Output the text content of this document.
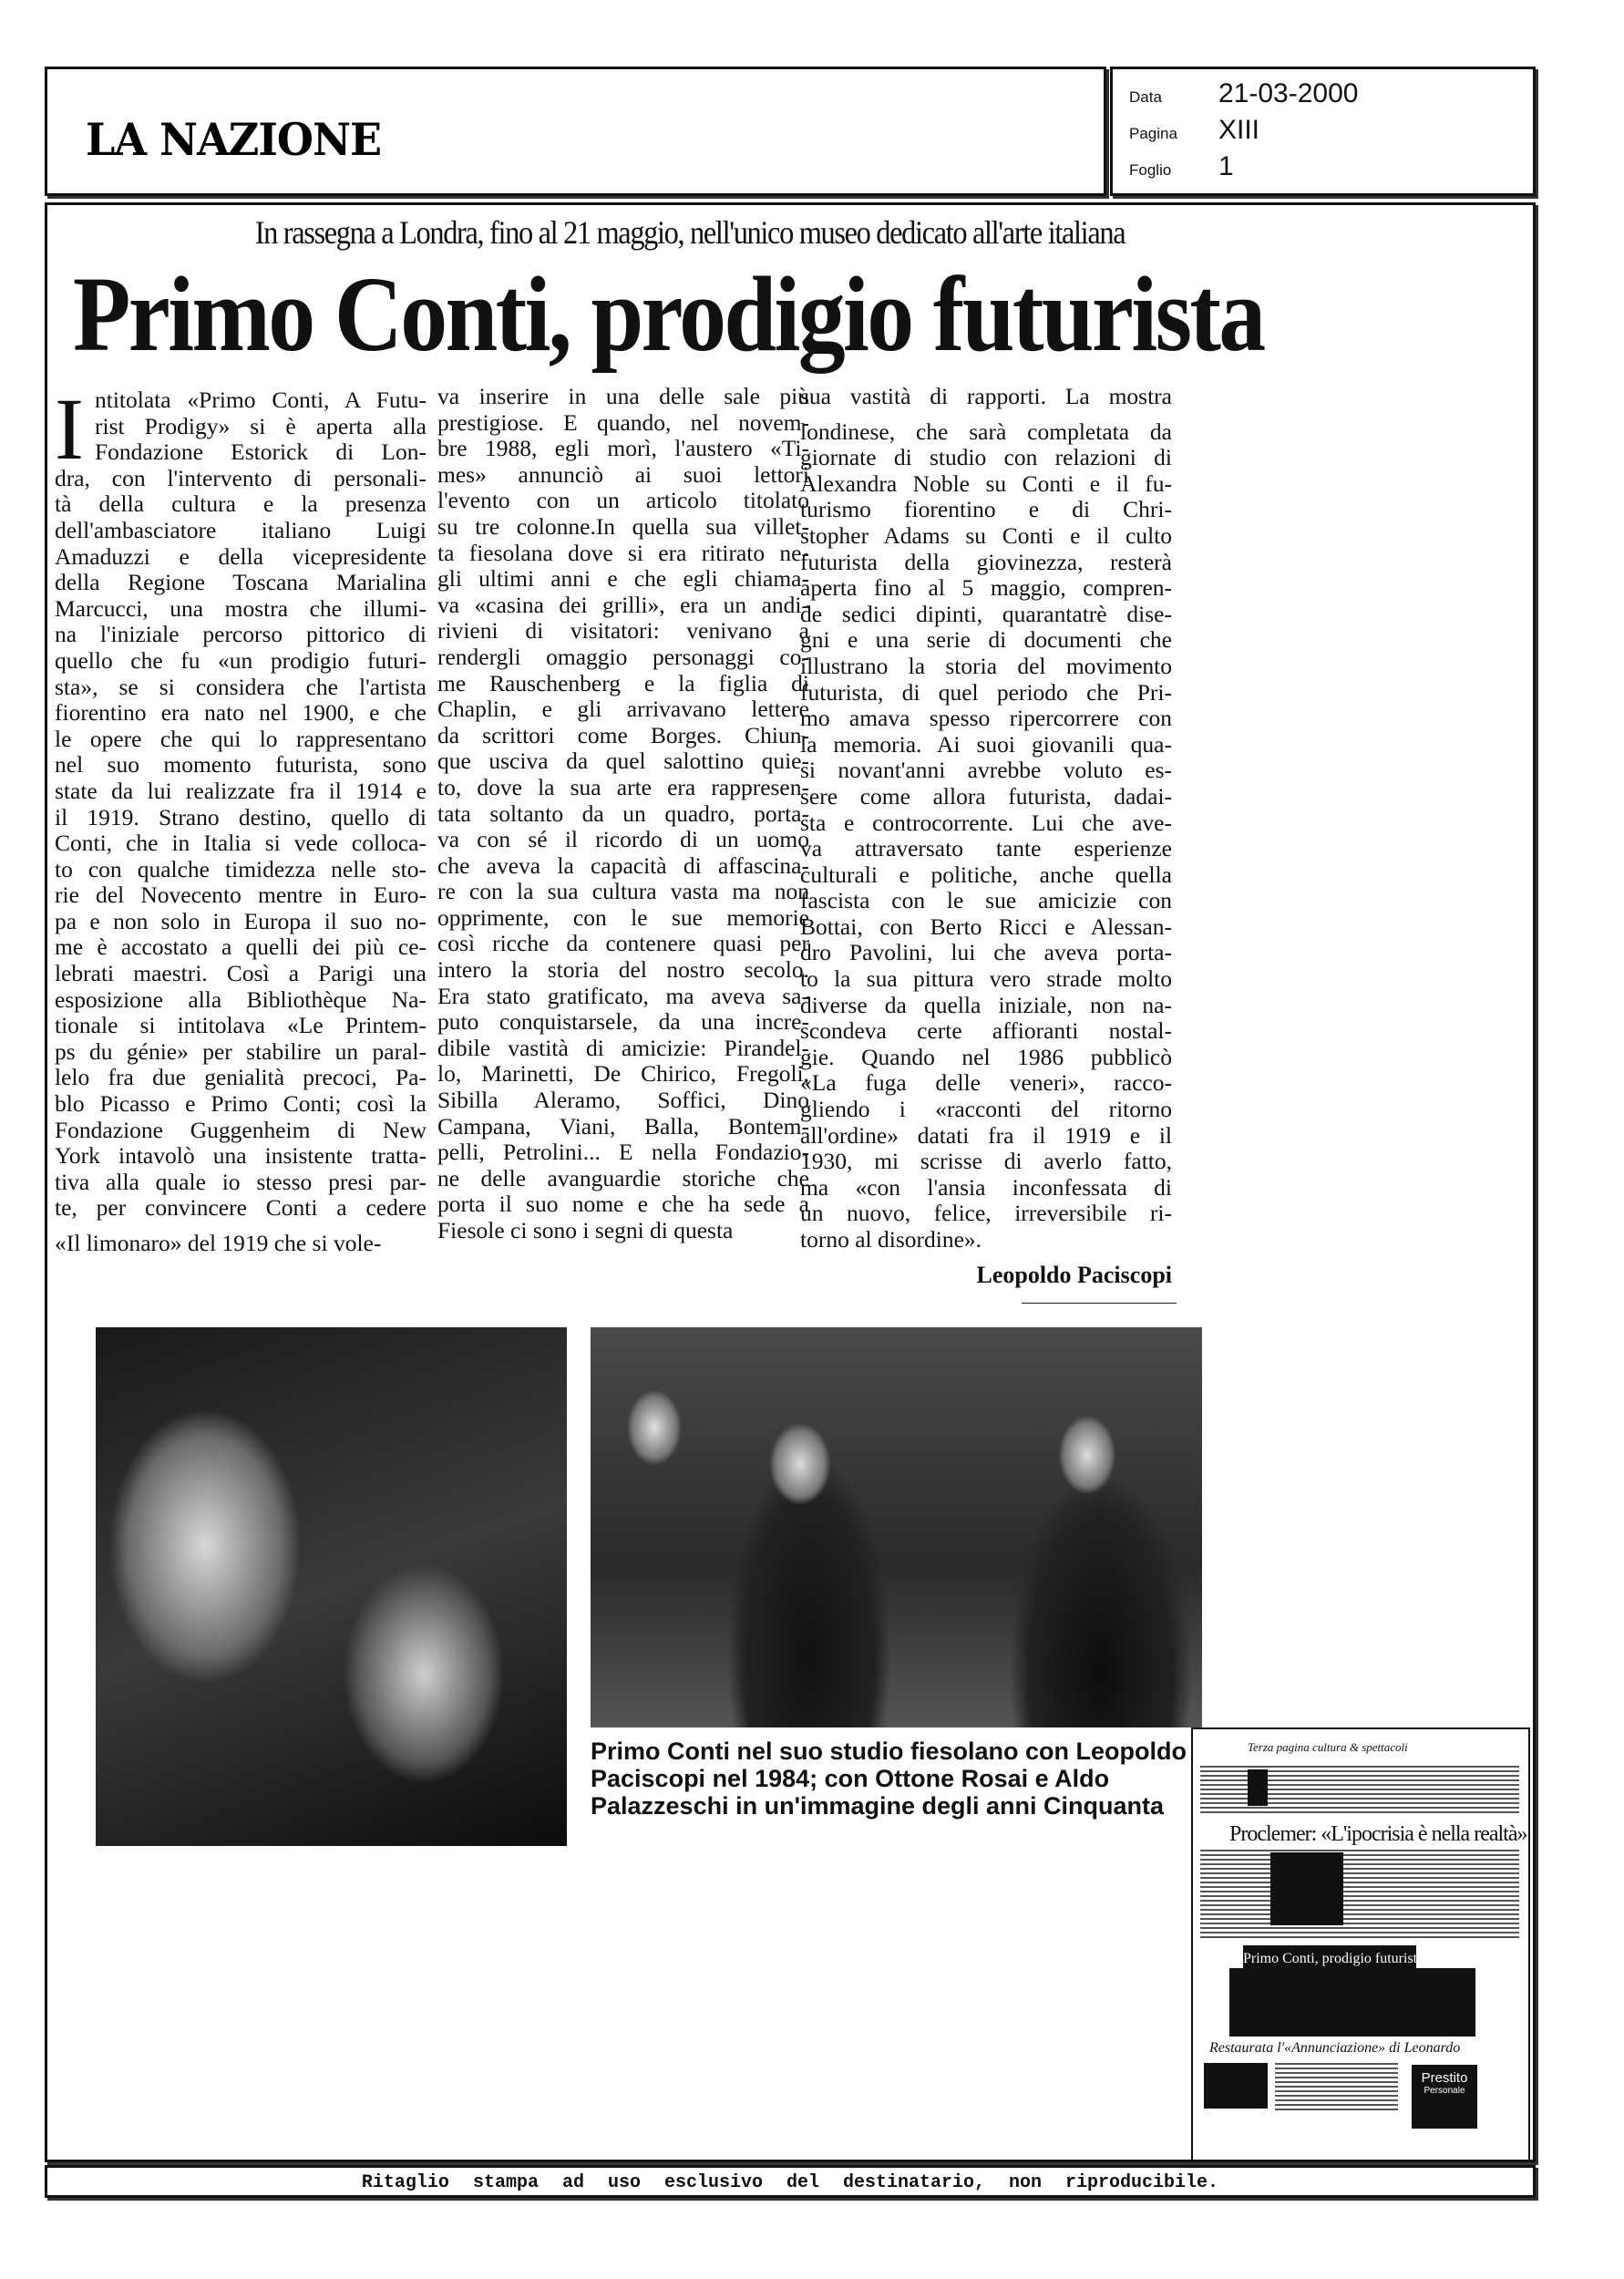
LA NAZIONE
Data	21-03-2000
Pagina	XIII
Foglio	1
In rassegna a Londra, fino al 21 maggio, nell'unico museo dedicato all'arte italiana
Primo Conti, prodigio futurista
I ntitolata «Primo Conti, A Futu-
rist Prodigy» si è aperta alla
Fondazione Estorick di Lon-
dra, con l'intervento di personali-
tà della cultura e la presenza
dell'ambasciatore italiano Luigi
Amaduzzi e della vicepresidente
della Regione Toscana Marialina
Marcucci, una mostra che illumi-
na l'iniziale percorso pittorico di
quello che fu «un prodigio futuri-
sta», se si considera che l'artista
fiorentino era nato nel 1900, e che
le opere che qui lo rappresentano
nel suo momento futurista, sono
state da lui realizzate fra il 1914 e
il 1919. Strano destino, quello di
Conti, che in Italia si vede colloca-
to con qualche timidezza nelle sto-
rie del Novecento mentre in Euro-
pa e non solo in Europa il suo no-
me è accostato a quelli dei più ce-
lebrati maestri. Così a Parigi una
esposizione alla Bibliothèque Na-
tionale si intitolava «Le Printem-
ps du génie» per stabilire un paral-
lelo fra due genialità precoci, Pa-
blo Picasso e Primo Conti; così la
Fondazione Guggenheim di New
York intavolò una insistente tratta-
tiva alla quale io stesso presi par-
te, per convincere Conti a cedere
«Il limonaro» del 1919 che si vole-
va inserire in una delle sale più
prestigiose. E quando, nel novem-
bre 1988, egli morì, l'austero «Ti-
mes» annunciò ai suoi lettori
l'evento con un articolo titolato
su tre colonne.In quella sua villet-
ta fiesolana dove si era ritirato ne-
gli ultimi anni e che egli chiama-
va «casina dei grilli», era un andi-
rivieni di visitatori: venivano a
rendergli omaggio personaggi co-
me Rauschenberg e la figlia di
Chaplin, e gli arrivavano lettere
da scrittori come Borges. Chiun-
que usciva da quel salottino quie-
to, dove la sua arte era rappresen-
tata soltanto da un quadro, porta-
va con sé il ricordo di un uomo
che aveva la capacità di affascina-
re con la sua cultura vasta ma non
opprimente, con le sue memorie
così ricche da contenere quasi per
intero la storia del nostro secolo.
Era stato gratificato, ma aveva sa-
puto conquistarsele, da una incre-
dibile vastità di amicizie: Pirandel-
lo, Marinetti, De Chirico, Fregoli,
Sibilla Aleramo, Soffici, Dino
Campana, Viani, Balla, Bontem-
pelli, Petrolini... E nella Fondazio-
ne delle avanguardie storiche che
porta il suo nome e che ha sede a
Fiesole ci sono i segni di questa
sua vastità di rapporti. La mostra
londinese, che sarà completata da
giornate di studio con relazioni di
Alexandra Noble su Conti e il fu-
turismo fiorentino e di Chri-
stopher Adams su Conti e il culto
futurista della giovinezza, resterà
aperta fino al 5 maggio, compren-
de sedici dipinti, quarantatrè dise-
gni e una serie di documenti che
illustrano la storia del movimento
futurista, di quel periodo che Pri-
mo amava spesso ripercorrere con
la memoria. Ai suoi giovanili qua-
si novant'anni avrebbe voluto es-
sere come allora futurista, dadai-
sta e controcorrente. Lui che ave-
va attraversato tante esperienze
culturali e politiche, anche quella
fascista con le sue amicizie con
Bottai, con Berto Ricci e Alessan-
dro Pavolini, lui che aveva porta-
to la sua pittura vero strade molto
diverse da quella iniziale, non na-
scondeva certe affioranti nostal-
gie. Quando nel 1986 pubblicò
«La fuga delle veneri», racco-
gliendo i «racconti del ritorno
all'ordine» datati fra il 1919 e il
1930, mi scrisse di averlo fatto,
ma «con l'ansia inconfessata di
un nuovo, felice, irreversibile ri-
torno al disordine».
Leopoldo Paciscopi
Primo Conti nel suo studio fiesolano con Leopoldo Paciscopi nel 1984; con Ottone Rosai e Aldo Palazzeschi in un'immagine degli anni Cinquanta
Terza pagina cultura & spettacoli
Proclemer: «L'ipocrisia è nella realtà»
Primo Conti, prodigio futurista
Restaurata l'«Annunciazione» di Leonardo
Prestito
Personale
Ritaglio stampa ad uso esclusivo del destinatario, non riproducibile.
